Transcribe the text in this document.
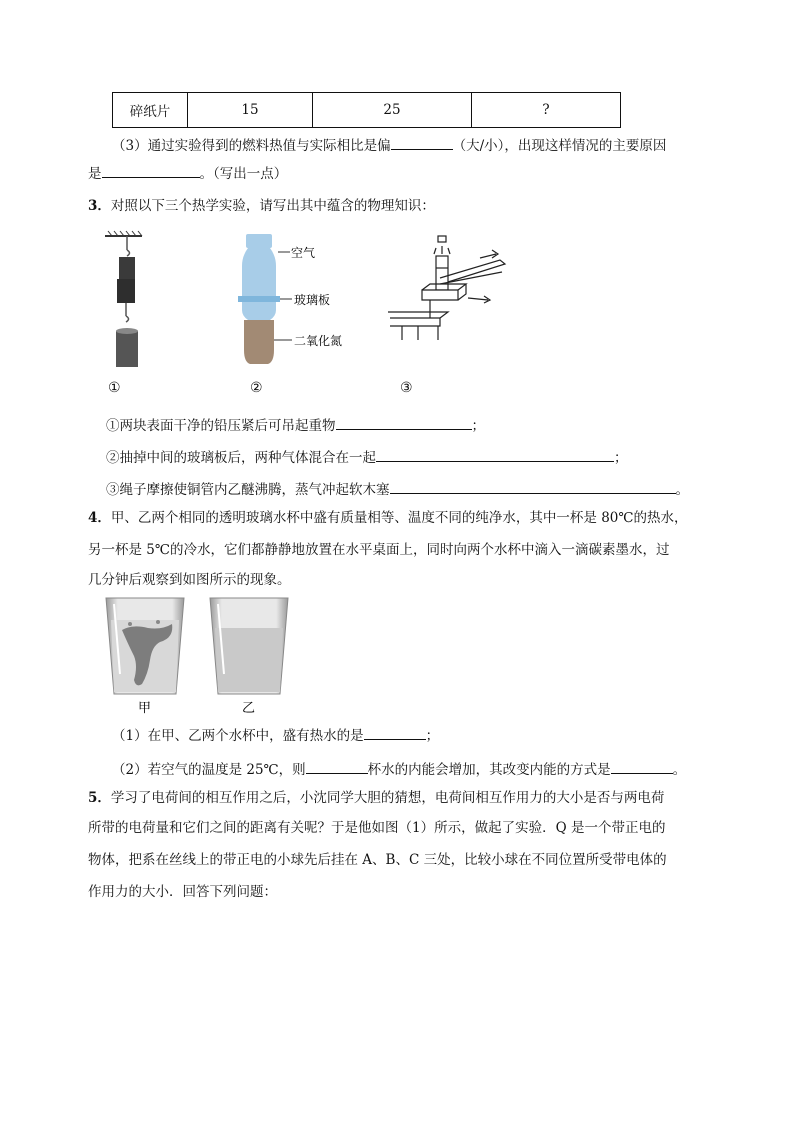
碎纸片	15	25	?
（3）通过实验得到的燃料热值与实际相比是偏	（大/小），出现这样情况的主要原因
是	。（写出一点）
3．对照以下三个热学实验，请写出其中蕴含的物理知识：
①
空气
玻璃板
二氧化氮
②	③
①两块表面干净的铅压紧后可吊起重物	；
②抽掉中间的玻璃板后，两种气体混合在一起	；
③绳子摩擦使铜管内乙醚沸腾，蒸气冲起软木塞	。
4．甲、乙两个相同的透明玻璃水杯中盛有质量相等、温度不同的纯净水，其中一杯是 80℃的热水，
另一杯是 5℃的冷水，它们都静静地放置在水平桌面上，同时向两个水杯中滴入一滴碳素墨水，过
几分钟后观察到如图所示的现象。
甲	乙
（1）在甲、乙两个水杯中，盛有热水的是	；
（2）若空气的温度是 25℃，则	杯水的内能会增加，其改变内能的方式是	。
5．学习了电荷间的相互作用之后，小沈同学大胆的猜想，电荷间相互作用力的大小是否与两电荷
所带的电荷量和它们之间的距离有关呢？于是他如图（1）所示，做起了实验．Q 是一个带正电的
物体，把系在丝线上的带正电的小球先后挂在 A、B、C 三处，比较小球在不同位置所受带电体的
作用力的大小．回答下列问题：
